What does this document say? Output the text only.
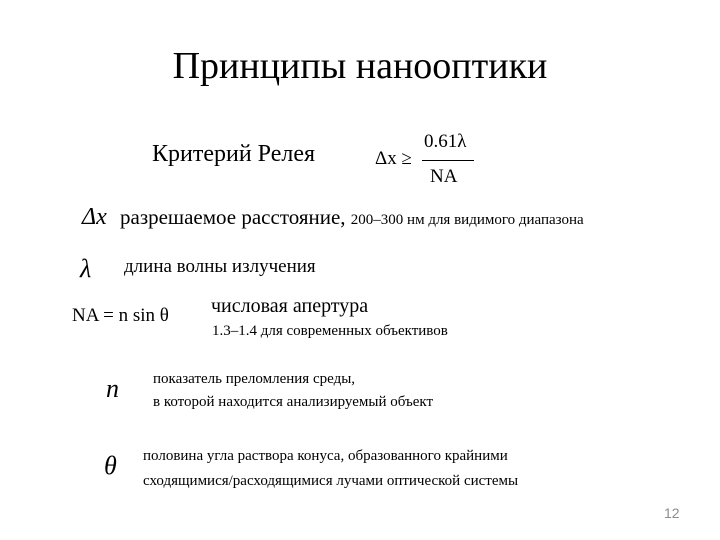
Принципы нанооптики
Критерий Релея	Δx ≥
0.61λ
NA
Δx разрешаемое расстояние, 200–300 нм для видимого диапазона
λ длина волны излучения
NA = n sin θ числовая апертура
1.3–1.4 для современных объективов
n показатель преломления среды,
в которой находится анализируемый объект
θ половина угла раствора конуса, образованного крайними
сходящимися/расходящимися лучами оптической системы
12
